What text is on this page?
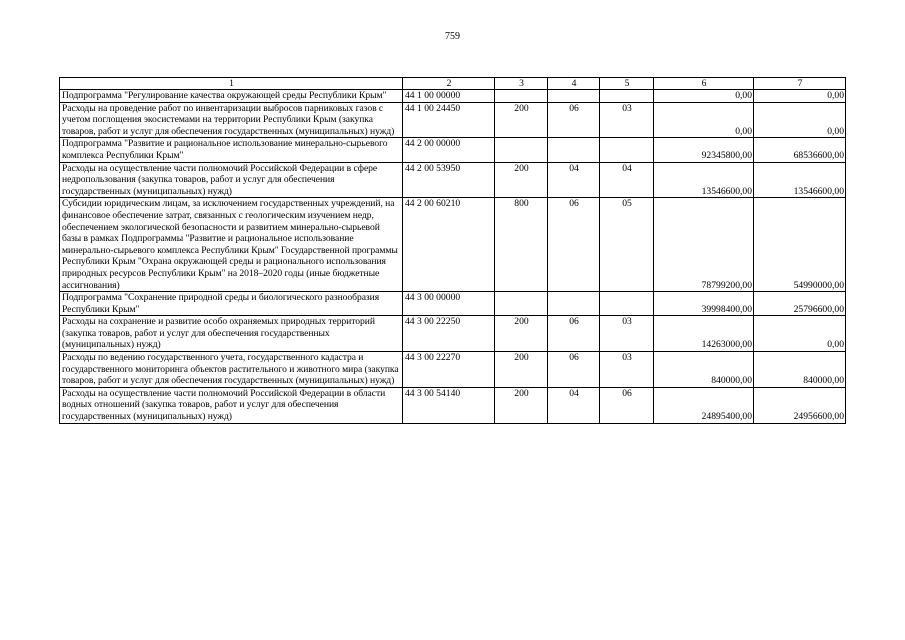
759
1	2	3	4	5	6	7
Подпрограмма "Регулирование качества окружающей среды Республики Крым"	44 1 00 00000				0,00	0,00
Расходы на проведение работ по инвентаризации выбросов парниковых газов с учетом поглощения экосистемами на территории Республики Крым (закупка товаров, работ и услуг для обеспечения государственных (муниципальных) нужд)	44 1 00 24450	200	06	03	0,00	0,00
Подпрограмма "Развитие и рациональное использование минерально-сырьевого комплекса Республики Крым"	44 2 00 00000				92345800,00	68536600,00
Расходы на осуществление части полномочий Российской Федерации в сфере недропользования (закупка товаров, работ и услуг для обеспечения государственных (муниципальных) нужд)	44 2 00 53950	200	04	04	13546600,00	13546600,00
Субсидии юридическим лицам, за исключением государственных учреждений, на финансовое обеспечение затрат, связанных с геологическим изучением недр, обеспечением экологической безопасности и развитием минерально-сырьевой базы в рамках Подпрограммы "Развитие и рациональное использование минерально-сырьевого комплекса Республики Крым" Государственной программы Республики Крым "Охрана окружающей среды и рационального использования природных ресурсов Республики Крым" на 2018–2020 годы (иные бюджетные ассигнования)	44 2 00 60210	800	06	05	78799200,00	54990000,00
Подпрограмма "Сохранение природной среды и биологического разнообразия Республики Крым"	44 3 00 00000				39998400,00	25796600,00
Расходы на сохранение и развитие особо охраняемых природных территорий (закупка товаров, работ и услуг для обеспечения государственных (муниципальных) нужд)	44 3 00 22250	200	06	03	14263000,00	0,00
Расходы по ведению государственного учета, государственного кадастра и государственного мониторинга объектов растительного и животного мира (закупка товаров, работ и услуг для обеспечения государственных (муниципальных) нужд)	44 3 00 22270	200	06	03	840000,00	840000,00
Расходы на осуществление части полномочий Российской Федерации в области водных отношений (закупка товаров, работ и услуг для обеспечения государственных (муниципальных) нужд)	44 3 00 54140	200	04	06	24895400,00	24956600,00
